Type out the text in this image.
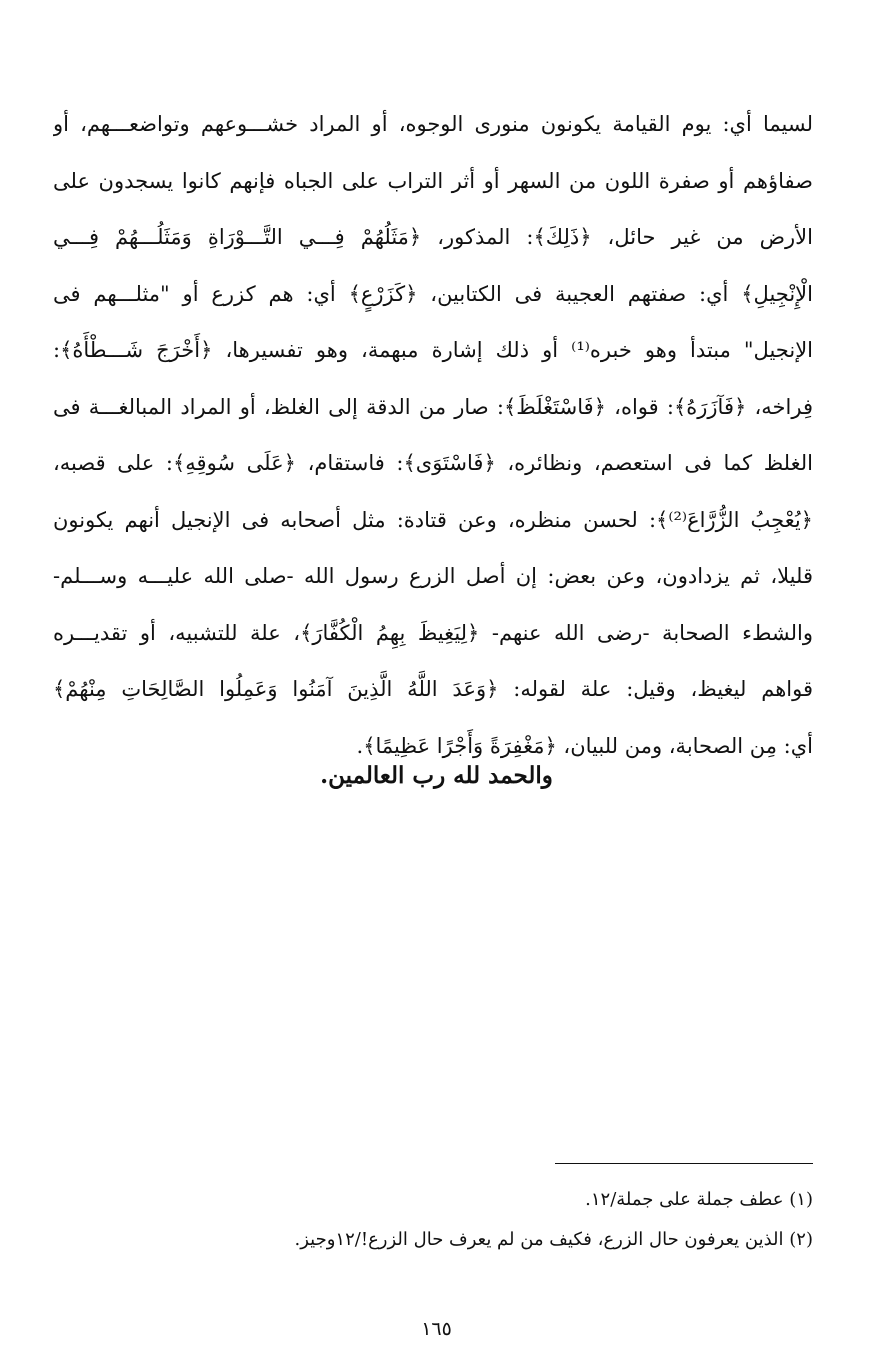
لسيما أي: يوم القيامة يكونون منورى الوجوه، أو المراد خشـــوعهم وتواضعـــهم، أو
صفاؤهم أو صفرة اللون من السهر أو أثر التراب على الجباه فإنهم كانوا يسجدون على
الأرض من غير حائل، ﴿ذَلِكَ﴾: المذكور، ﴿مَثَلُهُمْ فِـــي التَّـــوْرَاةِ وَمَثَلُـــهُمْ فِـــي
الْإِنْجِيلِ﴾ أي: صفتهم العجيبة فى الكتابين، ﴿كَزَرْعٍ﴾ أي: هم كزرع أو "مثلـــهم فى
الإنجيل" مبتدأ وهو خبره⁽¹⁾ أو ذلك إشارة مبهمة، وهو تفسيرها، ﴿أَخْرَجَ شَـــطْأَهُ﴾:
فِراخه، ﴿فَآزَرَهُ﴾: قواه، ﴿فَاسْتَغْلَظَ﴾: صار من الدقة إلى الغلظ، أو المراد المبالغـــة فى
الغلظ كما فى استعصم، ونظائره، ﴿فَاسْتَوَى﴾: فاستقام، ﴿عَلَى سُوقِهِ﴾: على قصبه،
﴿يُعْجِبُ الزُّرَّاعَ⁽²⁾﴾: لحسن منظره، وعن قتادة: مثل أصحابه فى الإنجيل أنهم يكونون
قليلا، ثم يزدادون، وعن بعض: إن أصل الزرع رسول الله -صلى الله عليـــه وســـلم-
والشطء الصحابة -رضى الله عنهم- ﴿لِيَغِيظَ بِهِمُ الْكُفَّارَ﴾، علة للتشبيه، أو تقديـــره
قواهم ليغيظ، وقيل: علة لقوله: ﴿وَعَدَ اللَّهُ الَّذِينَ آمَنُوا وَعَمِلُوا الصَّالِحَاتِ مِنْهُمْ﴾
أي: مِن الصحابة، ومن للبيان، ﴿مَغْفِرَةً وَأَجْرًا عَظِيمًا﴾.
والحمد لله رب العالمين.
(١) عطف جملة على جملة/١٢.
(٢) الذين يعرفون حال الزرع، فكيف من لم يعرف حال الزرع!/١٢وجيز.
١٦٥
